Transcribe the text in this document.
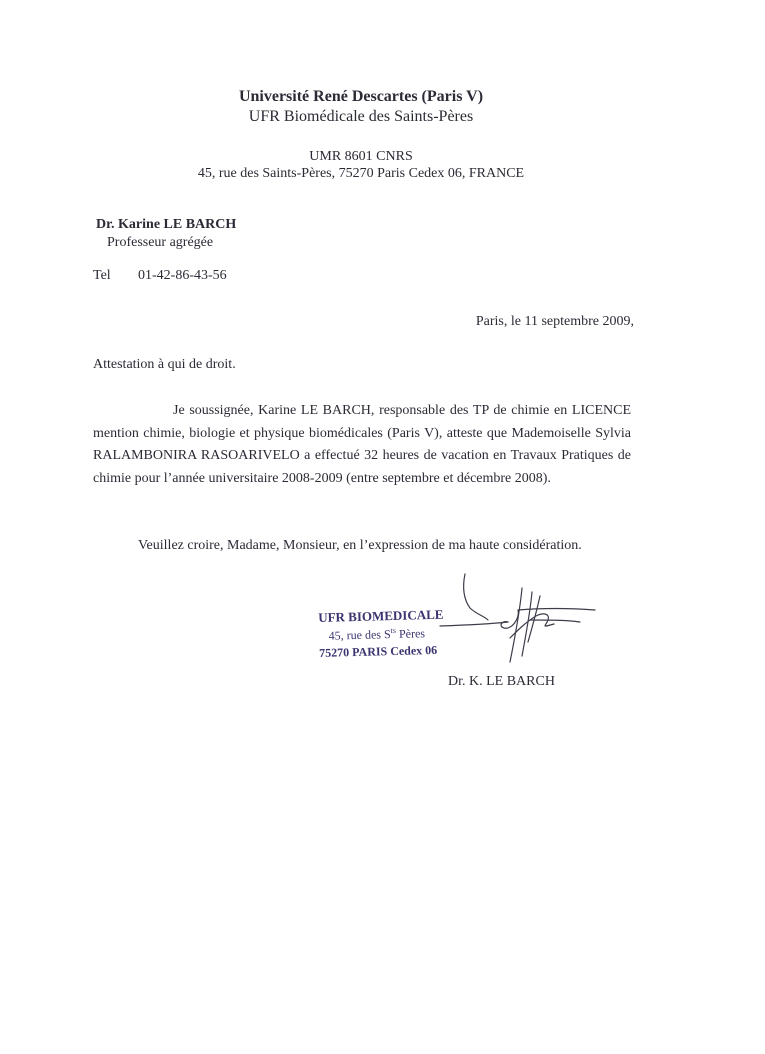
Université René Descartes (Paris V)
UFR Biomédicale des Saints-Pères
UMR 8601 CNRS
45, rue des Saints-Pères, 75270 Paris Cedex 06, FRANCE
Dr. Karine LE BARCH
Professeur agrégée
Tel 01-42-86-43-56
Paris, le 11 septembre 2009,
Attestation à qui de droit.

Je soussignée, Karine LE BARCH, responsable des TP de chimie en LICENCE mention chimie, biologie et physique biomédicales (Paris V), atteste que Mademoiselle Sylvia RALAMBONIRA RASOARIVELO a effectué 32 heures de vacation en Travaux Pratiques de chimie pour l’année universitaire 2008-2009 (entre septembre et décembre 2008).

Veuillez croire, Madame, Monsieur, en l’expression de ma haute considération.
UFR BIOMEDICALE
45, rue des $S^{ts}$ Pères
75270 PARIS Cedex 06
Dr. K. LE BARCH
